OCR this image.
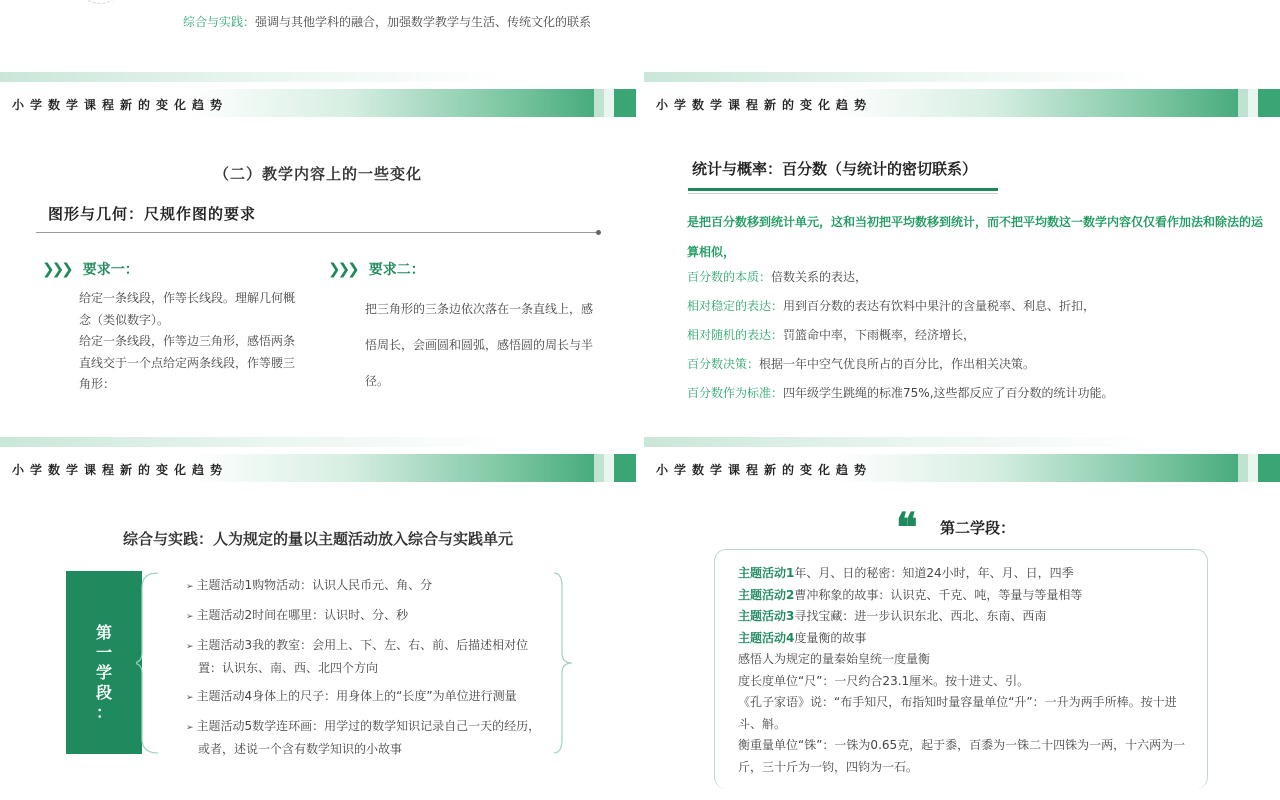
综合与实践：强调与其他学科的融合，加强数学教学与生活、传统文化的联系
小学数学课程新的变化趋势
（二）教学内容上的一些变化
图形与几何：尺规作图的要求
❯❯❯ 要求一：
给定一条线段，作等长线段。理解几何概念（类似数字）。
给定一条线段，作等边三角形，感悟两条直线交于一个点给定两条线段，作等腰三角形：
❯❯❯ 要求二：
把三角形的三条边依次落在一条直线上，感悟周长，会画圆和圆弧，感悟圆的周长与半径。
小学数学课程新的变化趋势
统计与概率：百分数（与统计的密切联系）
是把百分数移到统计单元，这和当初把平均数移到统计，而不把平均数这一数学内容仅仅看作加法和除法的运算相似，
百分数的本质：倍数关系的表达，
相对稳定的表达：用到百分数的表达有饮料中果汁的含量税率、利息、折扣，
相对随机的表达：罚篮命中率，下雨概率，经济增长，
百分数决策：根据一年中空气优良所占的百分比，作出相关决策。
百分数作为标准：四年级学生跳绳的标准75%,这些都反应了百分数的统计功能。
小学数学课程新的变化趋势
综合与实践：人为规定的量以主题活动放入综合与实践单元
第
一
学
段
：
➢ 主题活动1购物活动：认识人民币元、角、分
➢ 主题活动2时间在哪里：认识时、分、秒
➢ 主题活动3我的教室：会用上、下、左、右、前、后描述相对位置：认识东、南、西、北四个方向
➢ 主题活动4身体上的尺子：用身体上的“长度”为单位进行测量
➢ 主题活动5数学连环画：用学过的数学知识记录自己一天的经历，或者，述说一个含有数学知识的小故事
小学数学课程新的变化趋势
❝ 第二学段：
主题活动1年、月、日的秘密：知道24小时，年、月、日，四季
主题活动2曹冲称象的故事：认识克、千克、吨，等量与等量相等
主题活动3寻找宝藏：进一步认识东北、西北、东南、西南
主题活动4度量衡的故事
感悟人为规定的量秦始皇统一度量衡
度长度单位“尺”：一尺约合23.1厘米。按十进丈、引。
《孔子家语》说：“布手知尺，布指知时量容量单位“升”：一升为两手所棒。按十进斗、斛。
衡重量单位“铢”：一铢为0.65克，起于黍，百黍为一铢二十四铢为一两，十六两为一斤，三十斤为一钧，四钧为一石。
